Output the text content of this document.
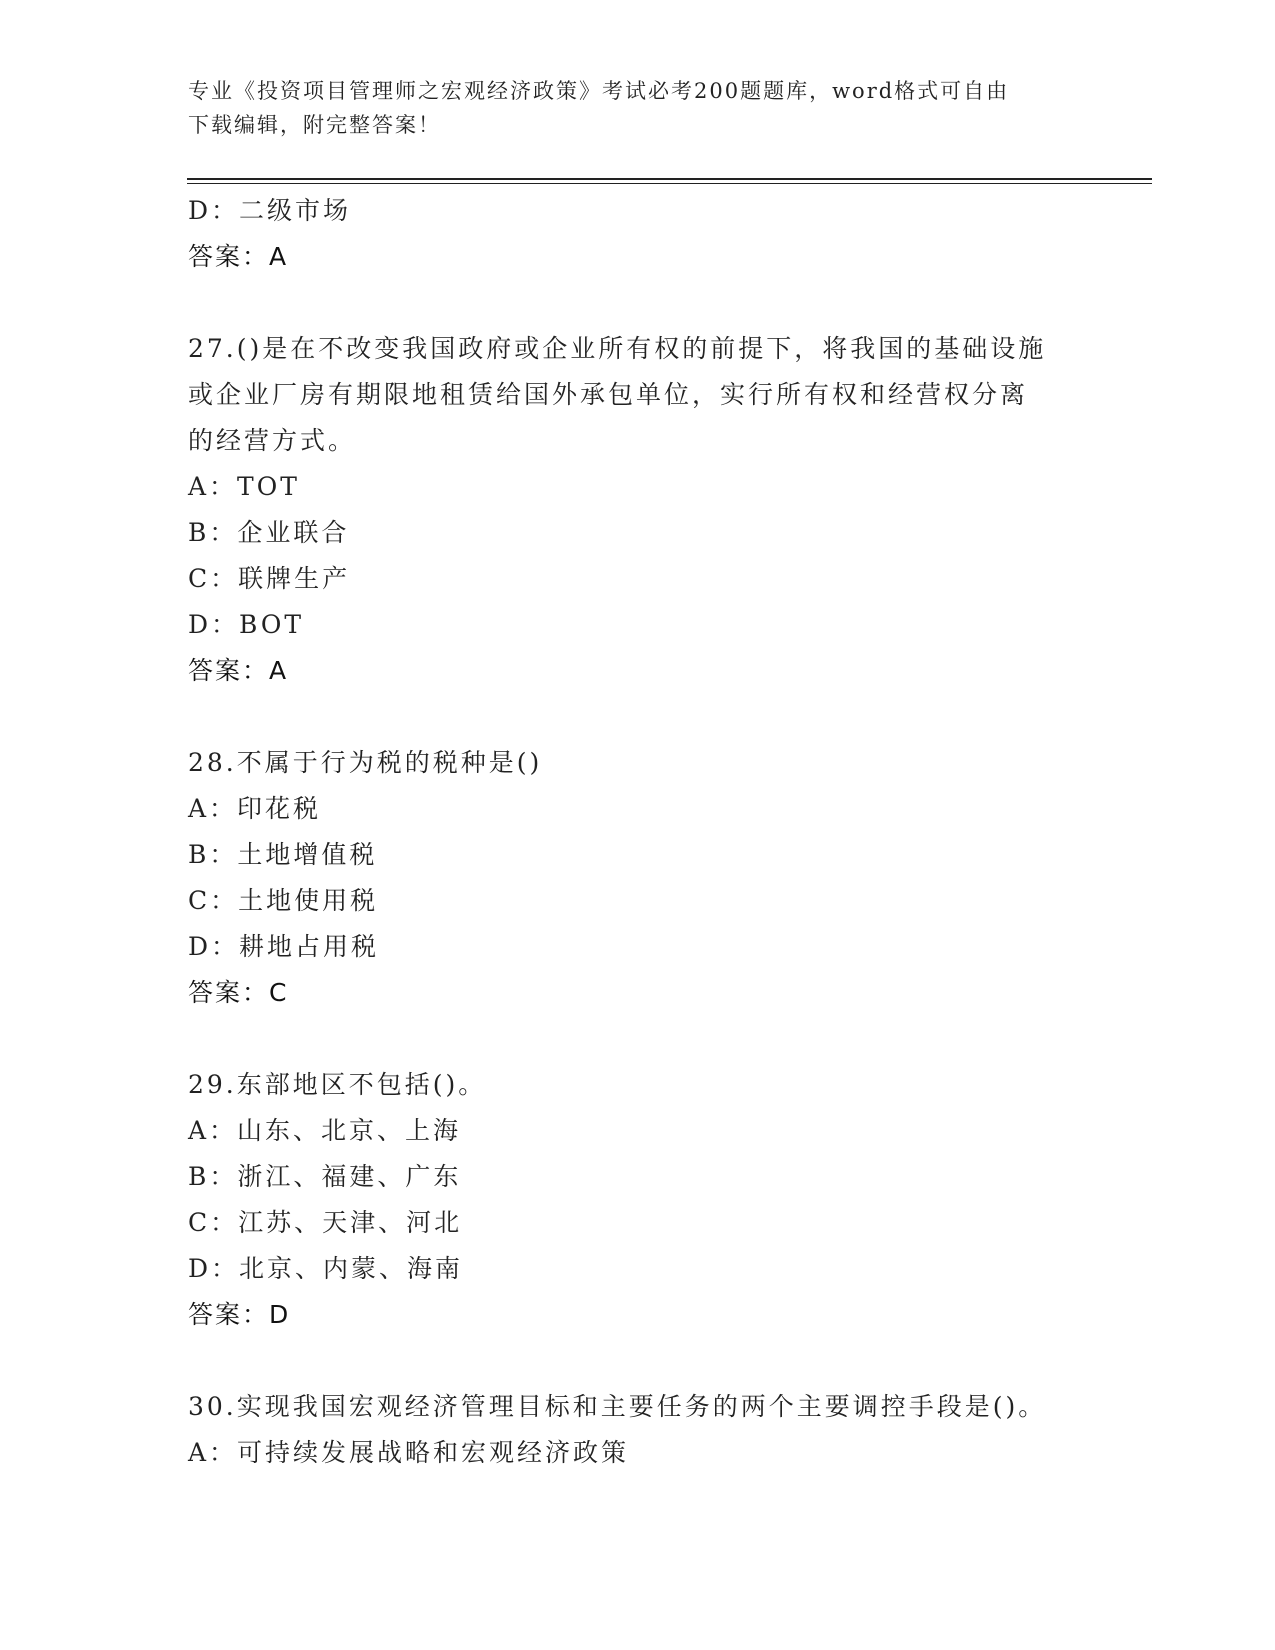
专业《投资项目管理师之宏观经济政策》考试必考200题题库，word格式可自由
下载编辑，附完整答案！
D：二级市场
答案：A
27.()是在不改变我国政府或企业所有权的前提下，将我国的基础设施
或企业厂房有期限地租赁给国外承包单位，实行所有权和经营权分离
的经营方式。
A：TOT
B：企业联合
C：联牌生产
D：BOT
答案：A
28.不属于行为税的税种是()
A：印花税
B：土地增值税
C：土地使用税
D：耕地占用税
答案：C
29.东部地区不包括()。
A：山东、北京、上海
B：浙江、福建、广东
C：江苏、天津、河北
D：北京、内蒙、海南
答案：D
30.实现我国宏观经济管理目标和主要任务的两个主要调控手段是()。
A：可持续发展战略和宏观经济政策
